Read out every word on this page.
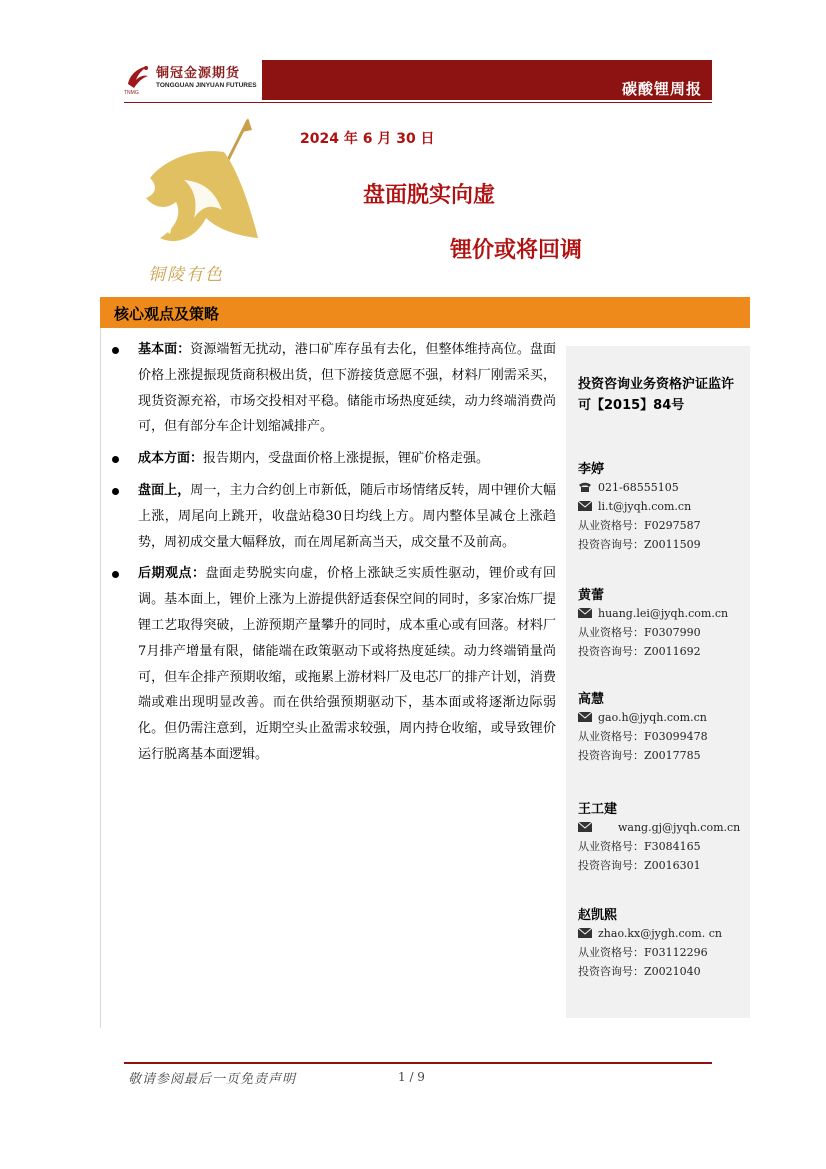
铜冠金源期货
TONGGUAN JINYUAN FUTURES
TNMG	碳酸锂周报
铜陵有色
2024 年 6 月 30 日
盘面脱实向虚
锂价或将回调
核心观点及策略
基本面：资源端暂无扰动，港口矿库存虽有去化，但整体维持高位。盘面价格上涨提振现货商积极出货，但下游接货意愿不强，材料厂刚需采买，现货资源充裕，市场交投相对平稳。储能市场热度延续，动力终端消费尚可，但有部分车企计划缩减排产。
成本方面：报告期内，受盘面价格上涨提振，锂矿价格走强。
盘面上，周一，主力合约创上市新低，随后市场情绪反转，周中锂价大幅上涨，周尾向上跳开，收盘站稳30日均线上方。周内整体呈减仓上涨趋势，周初成交量大幅释放，而在周尾新高当天，成交量不及前高。
后期观点：盘面走势脱实向虚，价格上涨缺乏实质性驱动，锂价或有回调。基本面上，锂价上涨为上游提供舒适套保空间的同时，多家冶炼厂提锂工艺取得突破，上游预期产量攀升的同时，成本重心或有回落。材料厂7月排产增量有限，储能端在政策驱动下或将热度延续。动力终端销量尚可，但车企排产预期收缩，或拖累上游材料厂及电芯厂的排产计划，消费端或难出现明显改善。而在供给强预期驱动下，基本面或将逐渐边际弱化。但仍需注意到，近期空头止盈需求较强，周内持仓收缩，或导致锂价运行脱离基本面逻辑。
投资咨询业务资格沪证监许可【2015】84号
李婷
021-68555105
li.t@jyqh.com.cn
从业资格号：F0297587
投资咨询号：Z0011509
黄蕾
huang.lei@jyqh.com.cn
从业资格号：F0307990
投资咨询号：Z0011692
高慧
gao.h@jyqh.com.cn
从业资格号：F03099478
投资咨询号：Z0017785
王工建
wang.gj@jyqh.com.cn
从业资格号：F3084165
投资咨询号：Z0016301
赵凯熙
zhao.kx@jygh.com. cn
从业资格号：F03112296
投资咨询号：Z0021040
敬请参阅最后一页免责声明	1 / 9
